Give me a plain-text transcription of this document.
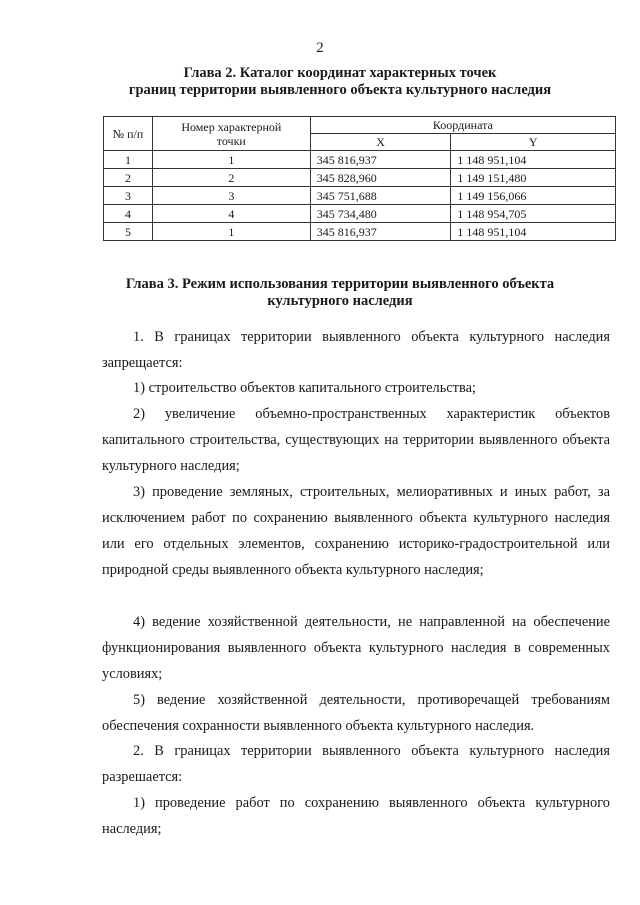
2
Глава 2. Каталог координат характерных точек
границ территории выявленного объекта культурного наследия
№ п/п	Номер характерной точки	Координата	
		X	Y
1	1	345 816,937	1 148 951,104
2	2	345 828,960	1 149 151,480
3	3	345 751,688	1 149 156,066
4	4	345 734,480	1 148 954,705
5	1	345 816,937	1 148 951,104
Глава 3. Режим использования территории выявленного объекта
культурного наследия
1. В границах территории выявленного объекта культурного наследия запрещается:
1) строительство объектов капитального строительства;
2) увеличение объемно-пространственных характеристик объектов капитального строительства, существующих на территории выявленного объекта культурного наследия;
3) проведение земляных, строительных, мелиоративных и иных работ, за исключением работ по сохранению выявленного объекта культурного наследия или его отдельных элементов, сохранению историко-градостроительной или природной среды выявленного объекта культурного наследия;
4) ведение хозяйственной деятельности, не направленной на обеспечение функционирования выявленного объекта культурного наследия в современных условиях;
5) ведение хозяйственной деятельности, противоречащей требованиям обеспечения сохранности выявленного объекта культурного наследия.
2. В границах территории выявленного объекта культурного наследия разрешается:
1) проведение работ по сохранению выявленного объекта культурного наследия;
